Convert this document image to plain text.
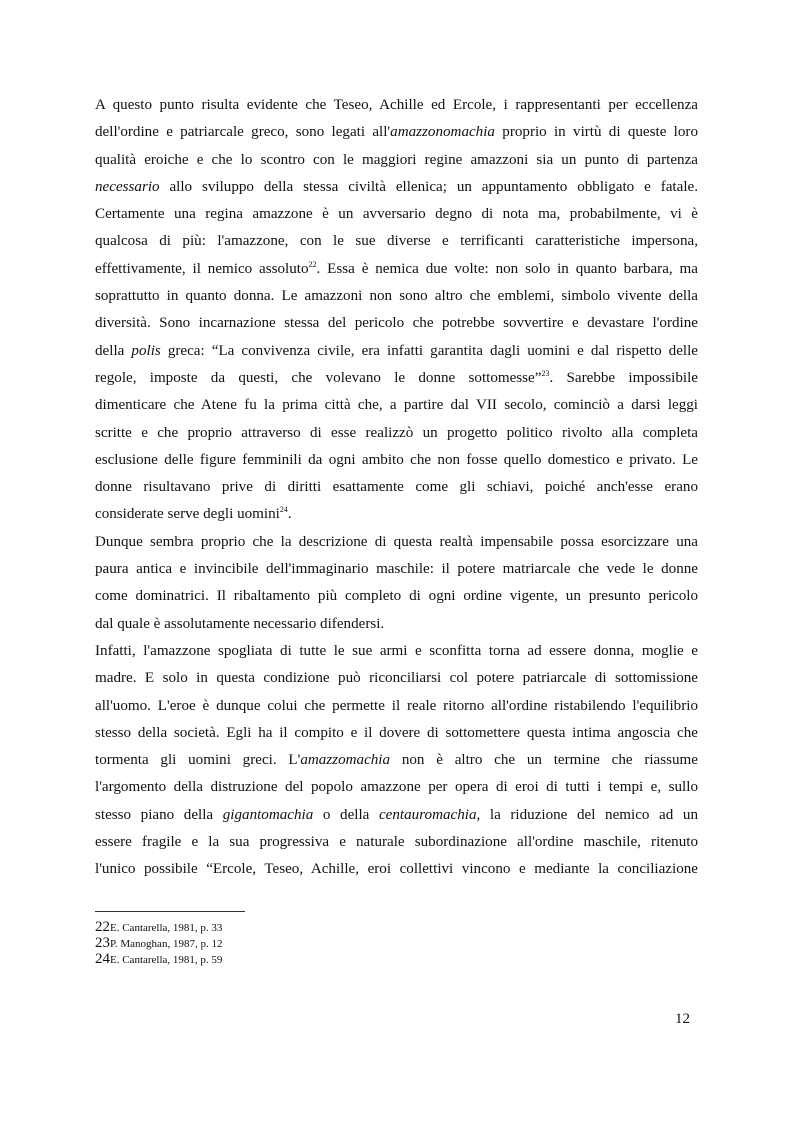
A questo punto risulta evidente che Teseo, Achille ed Ercole, i rappresentanti per eccellenza
dell'ordine e patriarcale greco, sono legati all'amazzonomachia proprio in virtù di queste loro
qualità eroiche e che lo scontro con le maggiori regine amazzoni sia un punto di partenza
necessario allo sviluppo della stessa civiltà ellenica; un appuntamento obbligato e fatale.
Certamente una regina amazzone è un avversario degno di nota ma, probabilmente, vi è
qualcosa di più: l'amazzone, con le sue diverse e terrificanti caratteristiche impersona,
effettivamente, il nemico assoluto$^{22}$. Essa è nemica due volte: non solo in quanto barbara, ma
soprattutto in quanto donna. Le amazzoni non sono altro che emblemi, simbolo vivente della
diversità. Sono incarnazione stessa del pericolo che potrebbe sovvertire e devastare l'ordine
della polis greca: “La convivenza civile, era infatti garantita dagli uomini e dal rispetto delle
regole, imposte da questi, che volevano le donne sottomesse”$^{23}$. Sarebbe impossibile
dimenticare che Atene fu la prima città che, a partire dal VII secolo, cominciò a darsi leggi
scritte e che proprio attraverso di esse realizzò un progetto politico rivolto alla completa
esclusione delle figure femminili da ogni ambito che non fosse quello domestico e privato. Le
donne risultavano prive di diritti esattamente come gli schiavi, poiché anch'esse erano
considerate serve degli uomini$^{24}$.
Dunque sembra proprio che la descrizione di questa realtà impensabile possa esorcizzare una
paura antica e invincibile dell'immaginario maschile: il potere matriarcale che vede le donne
come dominatrici. Il ribaltamento più completo di ogni ordine vigente, un presunto pericolo
dal quale è assolutamente necessario difendersi.
Infatti, l'amazzone spogliata di tutte le sue armi e sconfitta torna ad essere donna, moglie e
madre. E solo in questa condizione può riconciliarsi col potere patriarcale di sottomissione
all'uomo. L'eroe è dunque colui che permette il reale ritorno all'ordine ristabilendo l'equilibrio
stesso della società. Egli ha il compito e il dovere di sottomettere questa intima angoscia che
tormenta gli uomini greci. L'amazzomachia non è altro che un termine che riassume
l'argomento della distruzione del popolo amazzone per opera di eroi di tutti i tempi e, sullo
stesso piano della gigantomachia o della centauromachia, la riduzione del nemico ad un
essere fragile e la sua progressiva e naturale subordinazione all'ordine maschile, ritenuto
l'unico possibile “Ercole, Teseo, Achille, eroi collettivi vincono e mediante la conciliazione
22E. Cantarella, 1981, p. 33
23P. Manoghan, 1987, p. 12
24E. Cantarella, 1981, p. 59
12
